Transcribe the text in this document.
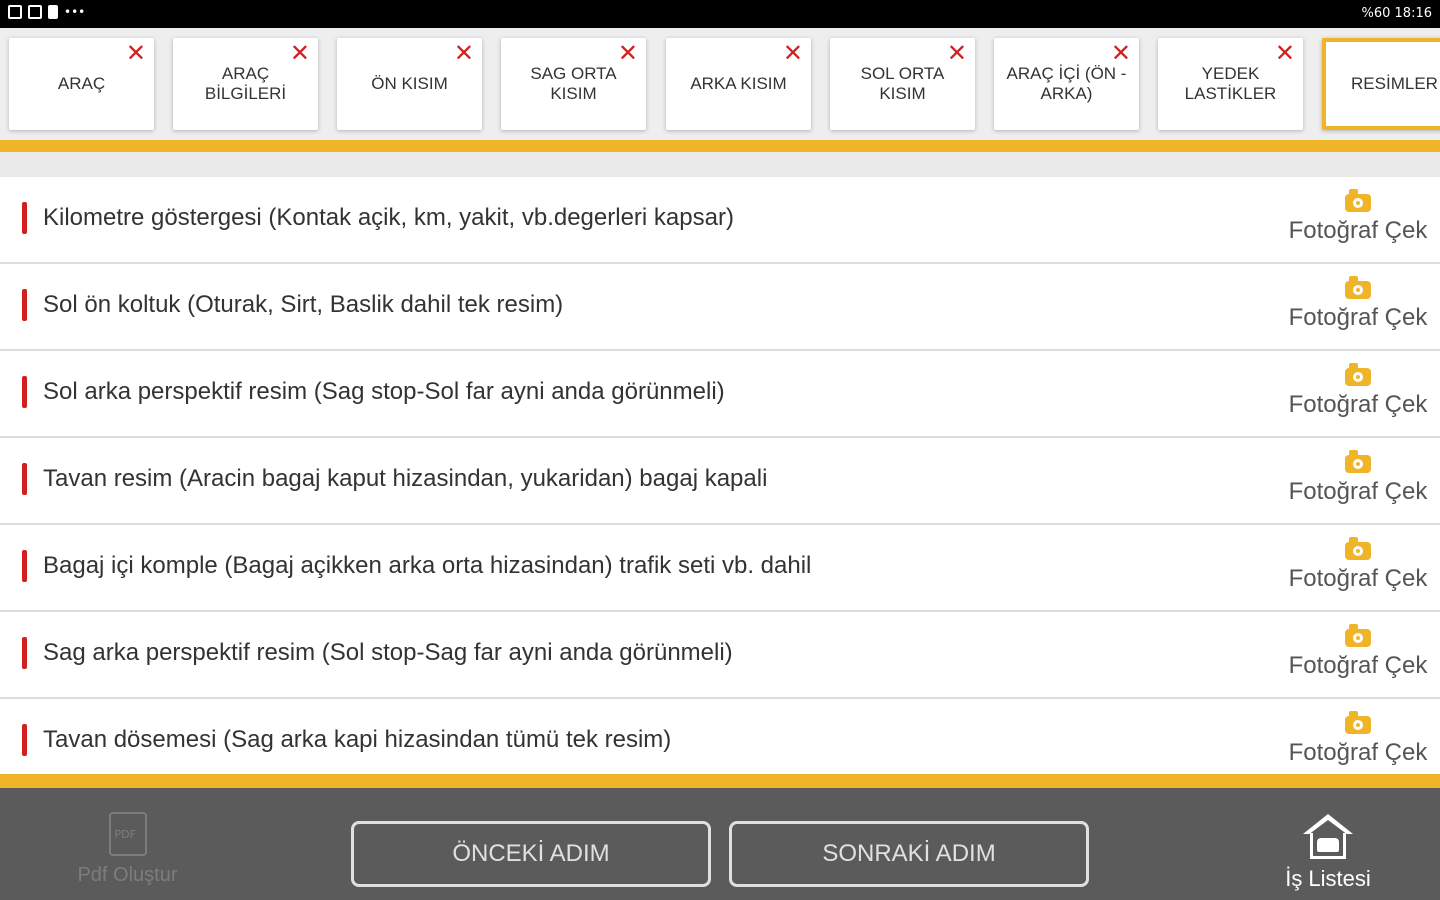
•••	%60 18:16
✕
ARAÇ
✕
ARAÇ BİLGİLERİ
✕
ÖN KISIM
✕
SAG ORTA KISIM
✕
ARKA KISIM
✕
SOL ORTA KISIM
✕
ARAÇ İÇİ (ÖN - ARKA)
✕
YEDEK LASTİKLER
RESİMLER
Kilometre göstergesi (Kontak açik, km, yakit, vb.degerleri kapsar)	Fotoğraf Çek
Sol ön koltuk (Oturak, Sirt, Baslik dahil tek resim)	Fotoğraf Çek
Sol arka perspektif resim (Sag stop-Sol far ayni anda görünmeli)	Fotoğraf Çek
Tavan resim (Aracin bagaj kaput hizasindan, yukaridan) bagaj kapali	Fotoğraf Çek
Bagaj içi komple (Bagaj açikken arka orta hizasindan) trafik seti vb. dahil	Fotoğraf Çek
Sag arka perspektif resim (Sol stop-Sag far ayni anda görünmeli)	Fotoğraf Çek
Tavan dösemesi (Sag arka kapi hizasindan tümü tek resim)	Fotoğraf Çek
PDF
Pdf Oluştur
ÖNCEKİ ADIM	SONRAKİ ADIM
İş Listesi
